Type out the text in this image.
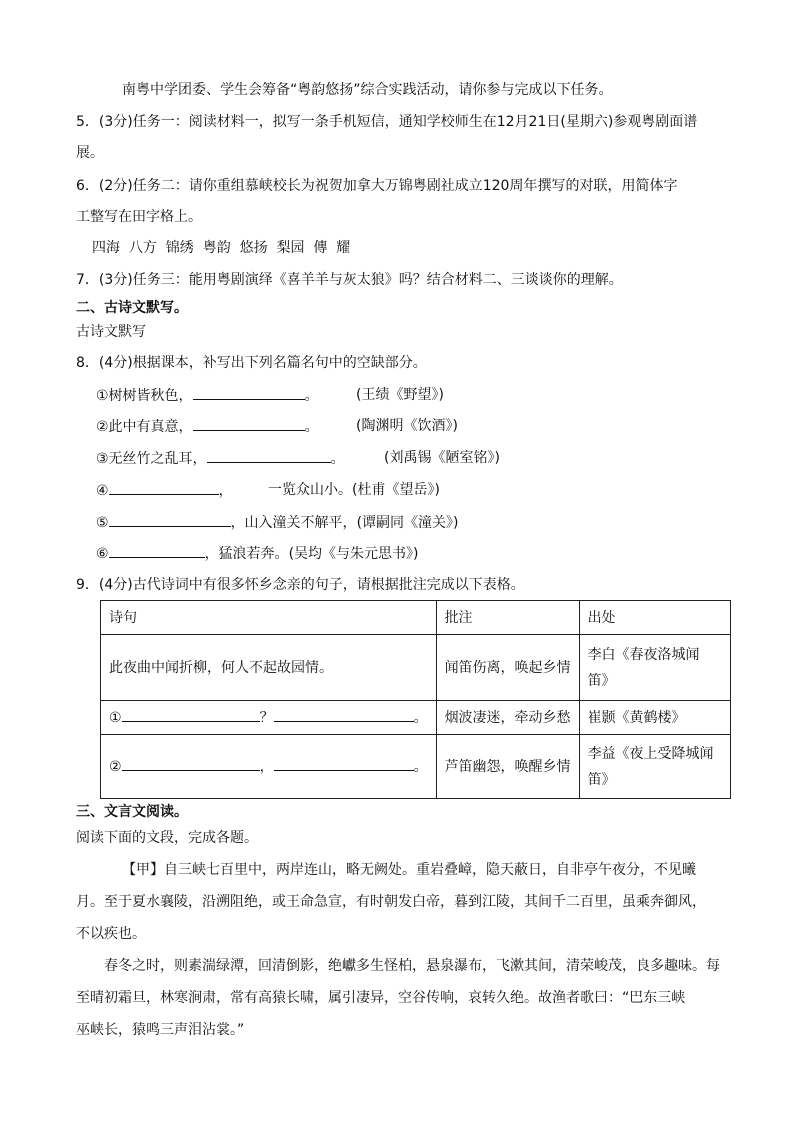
南粤中学团委、学生会筹备“粤韵悠扬”综合实践活动，请你参与完成以下任务。
5．(3分)任务一：阅读材料一，拟写一条手机短信，通知学校师生在12月21日(星期六)参观粤剧面谱
展。
6．(2分)任务二：请你重组慕峡校长为祝贺加拿大万锦粤剧社成立120周年撰写的对联，用简体字
工整写在田字格上。
四海  八方  锦绣  粤韵  悠扬  梨园  傳  耀
7．(3分)任务三：能用粤剧演绎《喜羊羊与灰太狼》吗？结合材料二、三谈谈你的理解。
二、古诗文默写。
古诗文默写
8．(4分)根据课本，补写出下列名篇名句中的空缺部分。
①树树皆秋色，	。	(王绩《野望》)
②此中有真意，	。	(陶渊明《饮酒》)
③无丝竹之乱耳，	。	(刘禹锡《陋室铭》)
④	，	一览众山小。(杜甫《望岳》)
⑤	，山入潼关不解平，(谭嗣同《潼关》)
⑥	，猛浪若奔。(吴均《与朱元思书》)
9．(4分)古代诗词中有很多怀乡念亲的句子，请根据批注完成以下表格。
诗句	批注	出处
此夜曲中闻折柳，何人不起故园情。	闻笛伤离，唤起乡情	李白《春夜洛城闻
笛》

① ？ 。	烟波凄迷，牵动乡愁	崔颢《黄鹤楼》

② ， 。	芦笛幽怨，唤醒乡情	李益《夜上受降城闻
笛》
三、文言文阅读。
阅读下面的文段，完成各题。
【甲】自三峡七百里中，两岸连山，略无阙处。重岩叠嶂，隐天蔽日，自非亭午夜分，不见曦
月。至于夏水襄陵，沿溯阻绝，或王命急宣，有时朝发白帝，暮到江陵，其间千二百里，虽乘奔御风，
不以疾也。
春冬之时，则素湍绿潭，回清倒影，绝巘多生怪柏，悬泉瀑布，飞漱其间，清荣峻茂，良多趣味。每
至晴初霜旦，林寒涧肃，常有高猿长啸，属引凄异，空谷传响，哀转久绝。故渔者歌曰：“巴东三峡
巫峡长，猿鸣三声泪沾裳。”
